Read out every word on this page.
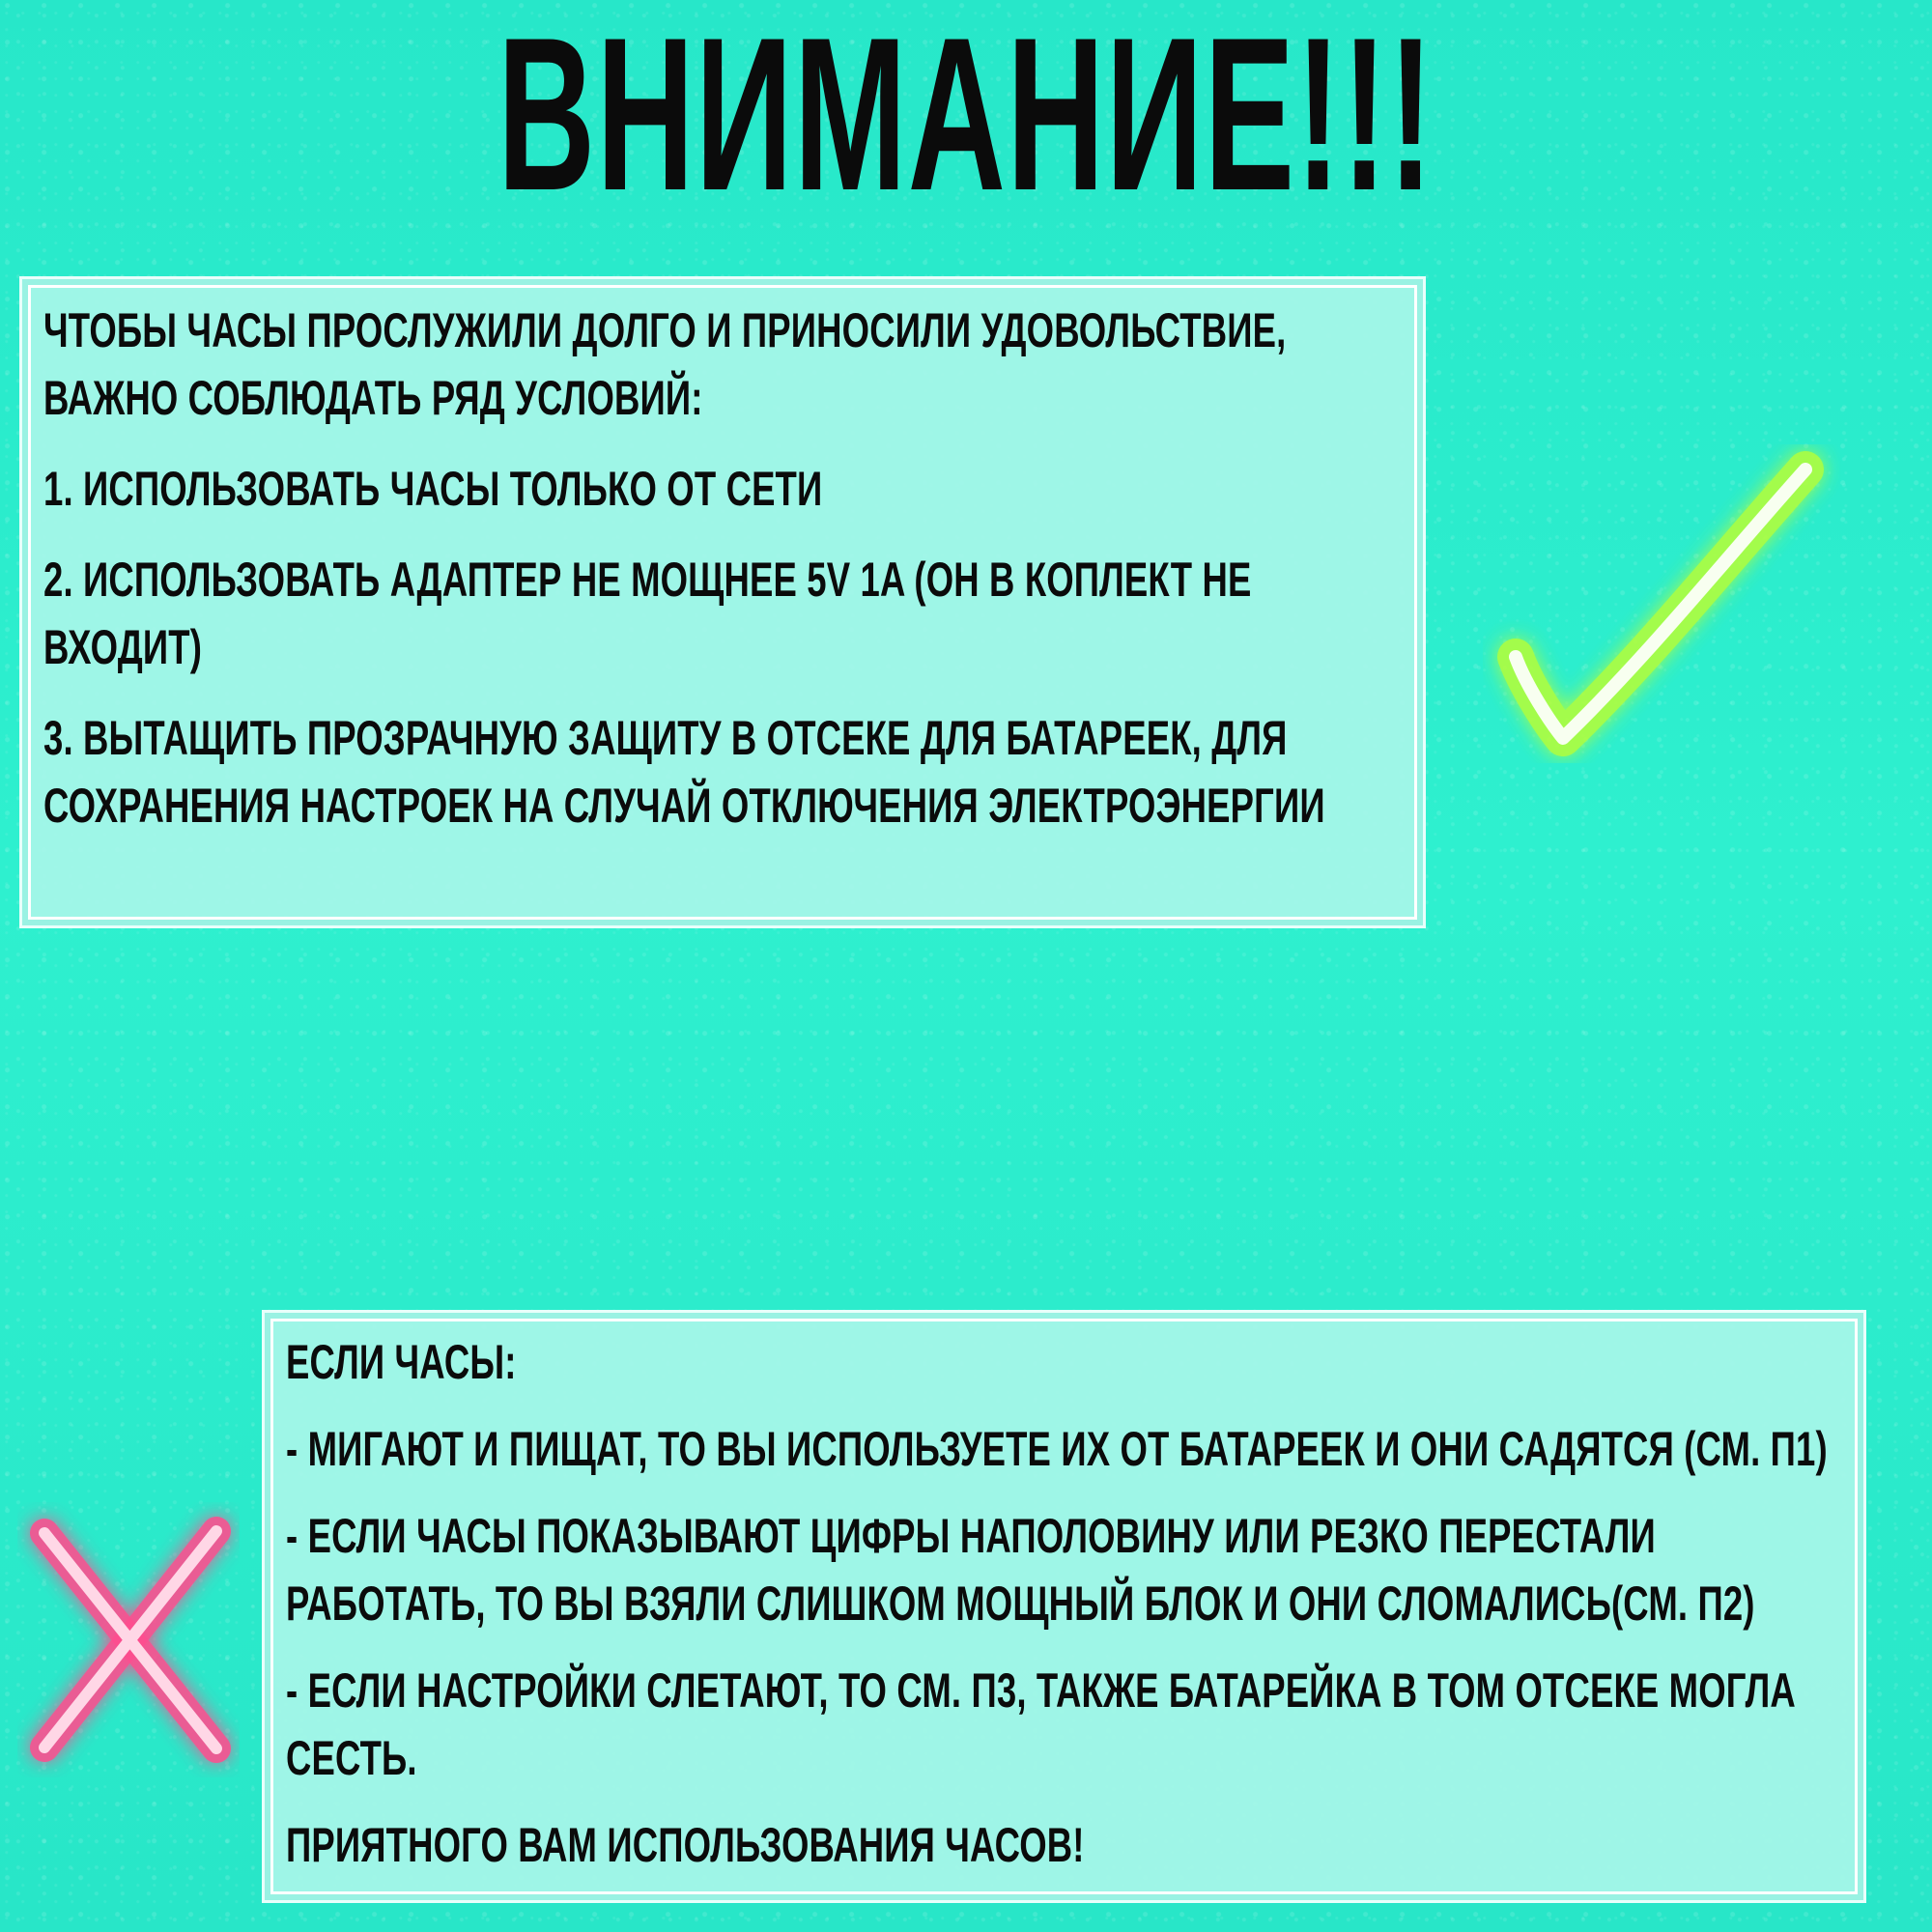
ВНИМАНИЕ!!!

ЧТОБЫ ЧАСЫ ПРОСЛУЖИЛИ ДОЛГО И ПРИНОСИЛИ УДОВОЛЬСТВИЕ, ВАЖНО СОБЛЮДАТЬ РЯД УСЛОВИЙ:

1. ИСПОЛЬЗОВАТЬ ЧАСЫ ТОЛЬКО ОТ СЕТИ

2. ИСПОЛЬЗОВАТЬ АДАПТЕР НЕ МОЩНЕЕ 5V 1A (ОН В КОПЛЕКТ НЕ ВХОДИТ)

3. ВЫТАЩИТЬ ПРОЗРАЧНУЮ ЗАЩИТУ В ОТСЕКЕ ДЛЯ БАТАРЕЕК, ДЛЯ СОХРАНЕНИЯ НАСТРОЕК НА СЛУЧАЙ ОТКЛЮЧЕНИЯ ЭЛЕКТРОЭНЕРГИИ

ЕСЛИ ЧАСЫ:

- МИГАЮТ И ПИЩАТ, ТО ВЫ ИСПОЛЬЗУЕТЕ ИХ ОТ БАТАРЕЕК И ОНИ САДЯТСЯ (СМ. П1)

- ЕСЛИ ЧАСЫ ПОКАЗЫВАЮТ ЦИФРЫ НАПОЛОВИНУ ИЛИ РЕЗКО ПЕРЕСТАЛИ РАБОТАТЬ, ТО ВЫ ВЗЯЛИ СЛИШКОМ МОЩНЫЙ БЛОК И ОНИ СЛОМАЛИСЬ(СМ. П2)

- ЕСЛИ НАСТРОЙКИ СЛЕТАЮТ, ТО СМ. П3, ТАКЖЕ БАТАРЕЙКА В ТОМ ОТСЕКЕ МОГЛА СЕСТЬ.

ПРИЯТНОГО ВАМ ИСПОЛЬЗОВАНИЯ ЧАСОВ!
